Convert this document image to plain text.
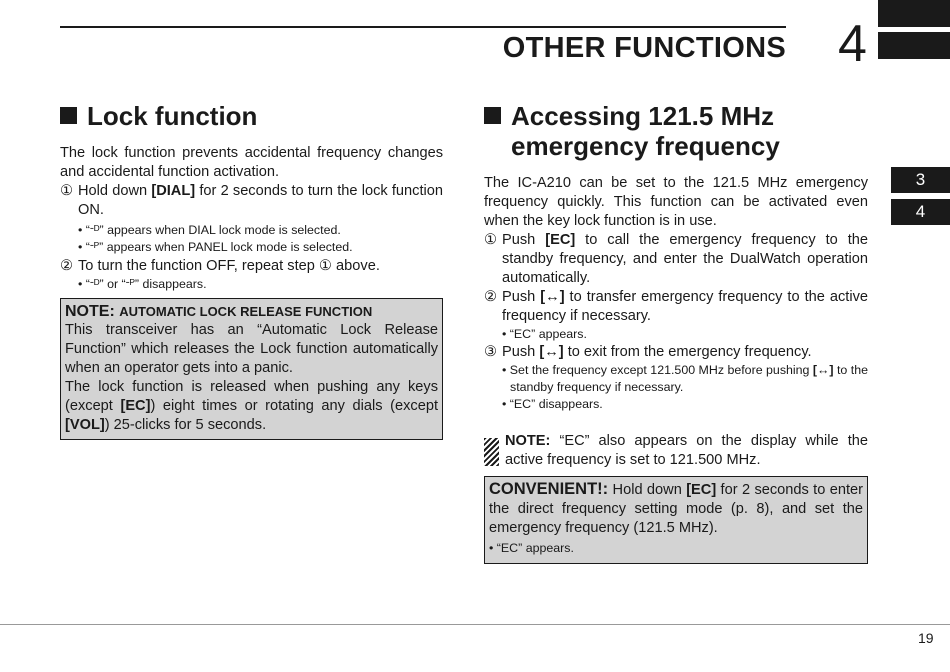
OTHER FUNCTIONS 4
3
4
Lock function
The lock function prevents accidental frequency changes and accidental function activation.
① Hold down [DIAL] for 2 seconds to turn the lock function ON.
• “ᱼᴰ” appears when DIAL lock mode is selected.
• “ᱼᴾ” appears when PANEL lock mode is selected.
② To turn the function OFF, repeat step ① above.
• “ᱼᴰ” or “ᱼᴾ” disappears.
NOTE: AUTOMATIC LOCK RELEASE FUNCTION
This transceiver has an “Automatic Lock Release Function” which releases the Lock function automatically when an operator gets into a panic.
The lock function is released when pushing any keys (except [EC]) eight times or rotating any dials (except [VOL]) 25-clicks for 5 seconds.
Accessing 121.5 MHz
emergency frequency
The IC-A210 can be set to the 121.5 MHz emergency frequency quickly. This function can be activated even when the key lock function is in use.
① Push [EC] to call the emergency frequency to the standby frequency, and enter the DualWatch operation automatically.
② Push [↔] to transfer emergency frequency to the active frequency if necessary.
• “EC” appears.
③ Push [↔] to exit from the emergency frequency.
• Set the frequency except 121.500 MHz before pushing [↔] to the standby frequency if necessary.
• “EC” disappears.
NOTE: “EC” also appears on the display while the active frequency is set to 121.500 MHz.
CONVENIENT!: Hold down [EC] for 2 seconds to enter the direct frequency setting mode (p. 8), and set the emergency frequency (121.5 MHz).
• “EC” appears.
19
